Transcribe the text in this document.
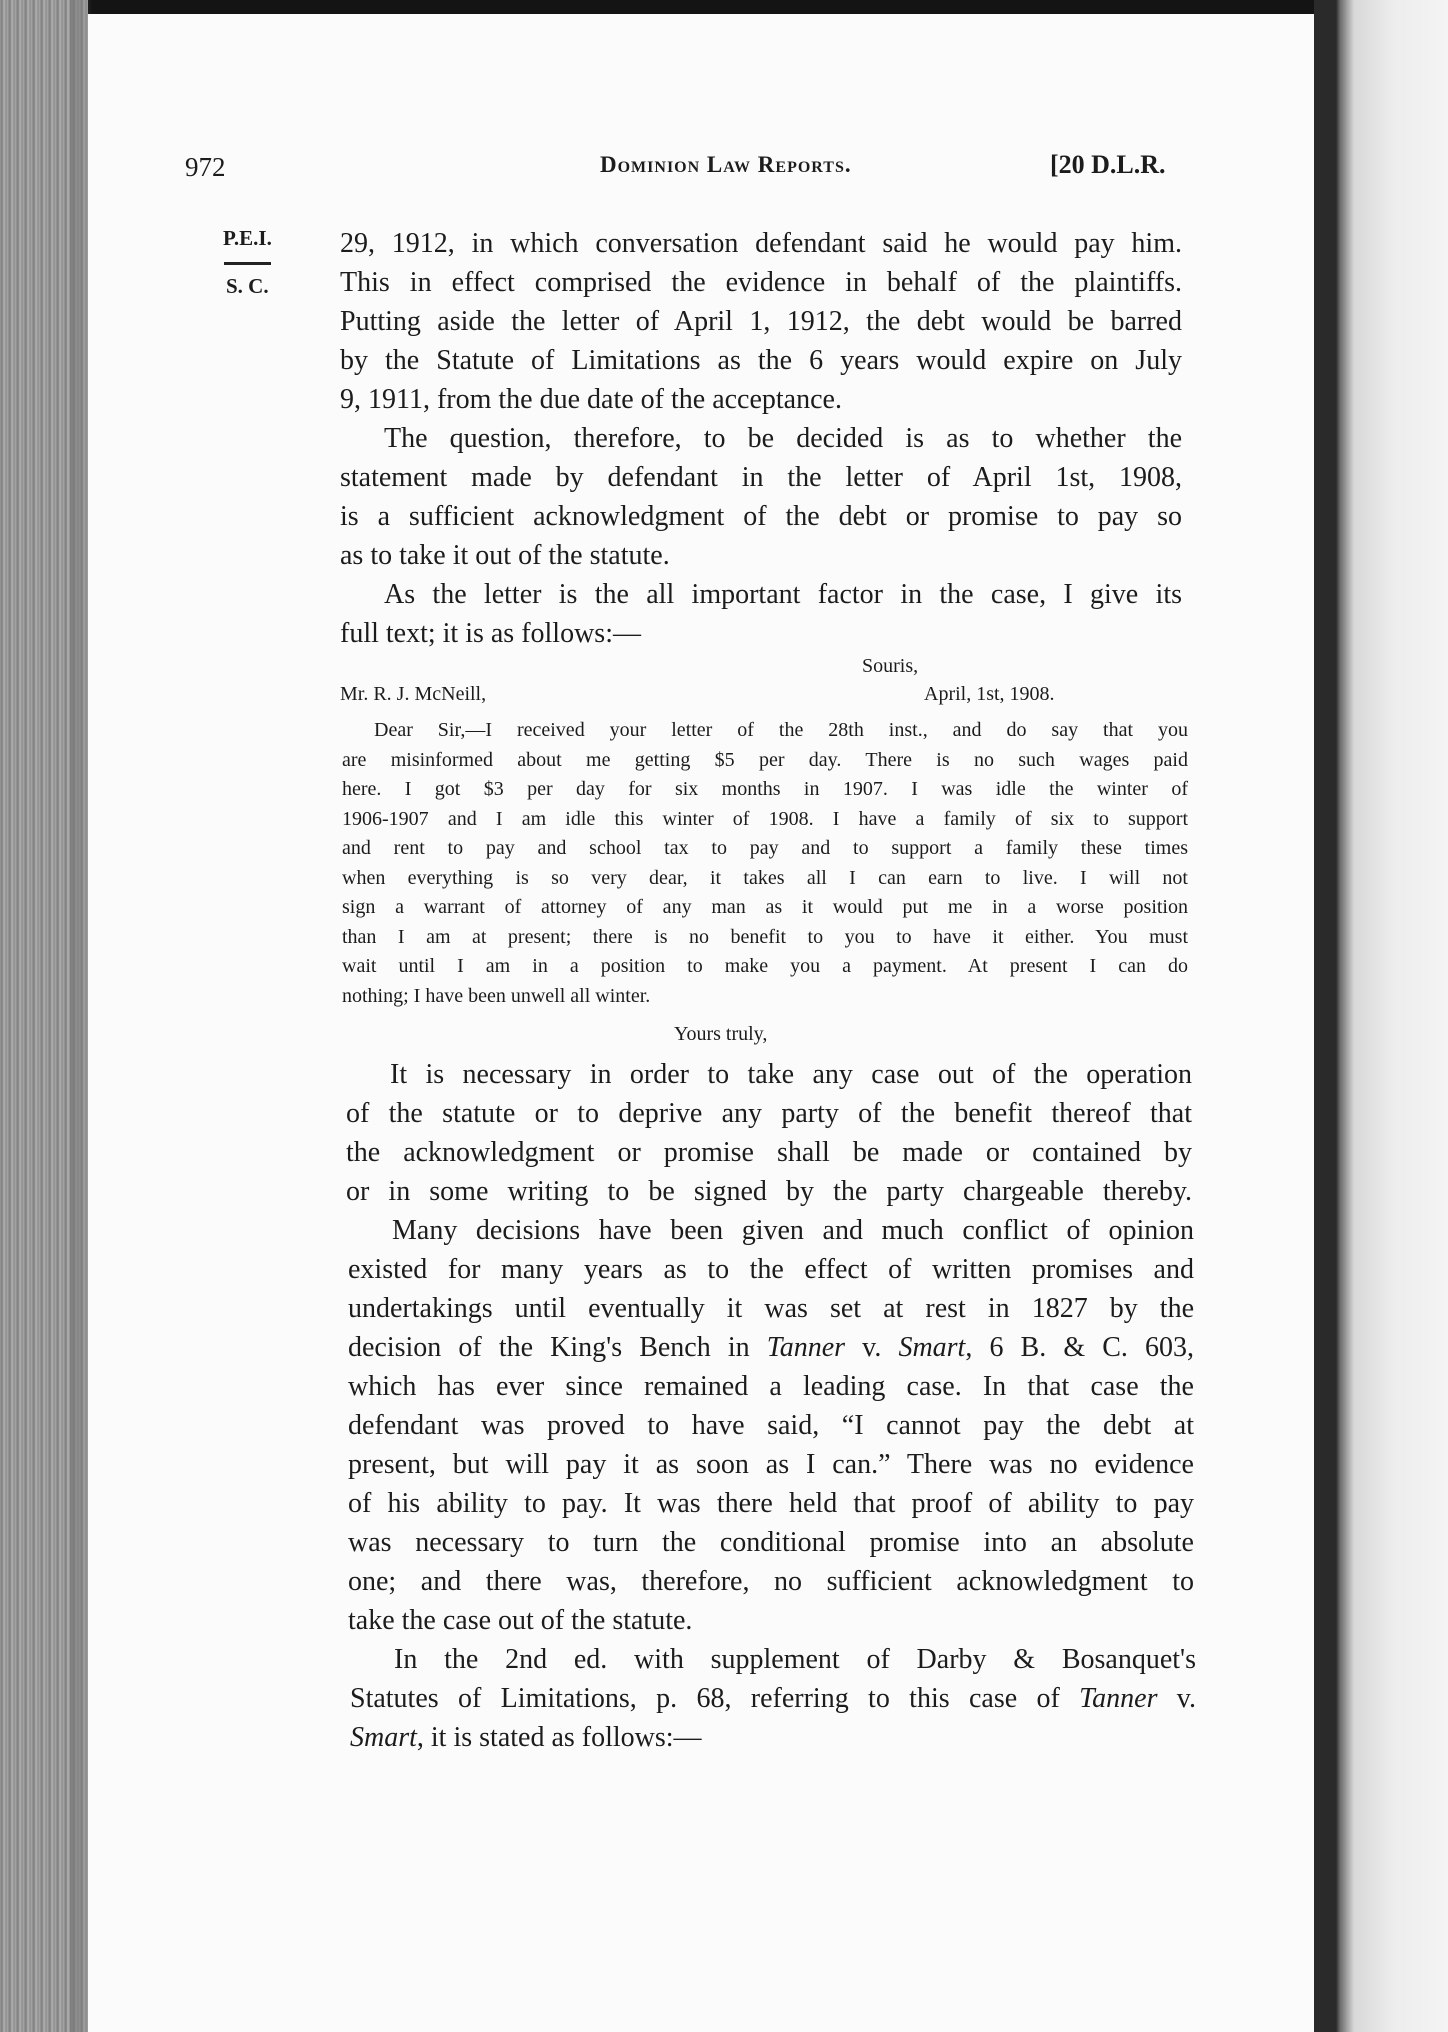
972	Dominion Law Reports.	[20 D.L.R.
P.E.I.
S. C.
29, 1912, in which conversation defendant said he would pay him.
This in effect comprised the evidence in behalf of the plaintiffs.
Putting aside the letter of April 1, 1912, the debt would be barred
by the Statute of Limitations as the 6 years would expire on July
9, 1911, from the due date of the acceptance.
The question, therefore, to be decided is as to whether the
statement made by defendant in the letter of April 1st, 1908,
is a sufficient acknowledgment of the debt or promise to pay so
as to take it out of the statute.
As the letter is the all important factor in the case, I give its
full text; it is as follows:—
Souris,
Mr. R. J. McNeill,	April, 1st, 1908.
Dear Sir,—I received your letter of the 28th inst., and do say that you
are misinformed about me getting $5 per day. There is no such wages paid
here. I got $3 per day for six months in 1907. I was idle the winter of
1906-1907 and I am idle this winter of 1908. I have a family of six to support
and rent to pay and school tax to pay and to support a family these times
when everything is so very dear, it takes all I can earn to live. I will not
sign a warrant of attorney of any man as it would put me in a worse position
than I am at present; there is no benefit to you to have it either. You must
wait until I am in a position to make you a payment. At present I can do
nothing; I have been unwell all winter.
Yours truly,
It is necessary in order to take any case out of the operation
of the statute or to deprive any party of the benefit thereof that
the acknowledgment or promise shall be made or contained by
or in some writing to be signed by the party chargeable thereby.
Many decisions have been given and much conflict of opinion
existed for many years as to the effect of written promises and
undertakings until eventually it was set at rest in 1827 by the
decision of the King's Bench in Tanner v. Smart, 6 B. & C. 603,
which has ever since remained a leading case. In that case the
defendant was proved to have said, “I cannot pay the debt at
present, but will pay it as soon as I can.” There was no evidence
of his ability to pay. It was there held that proof of ability to pay
was necessary to turn the conditional promise into an absolute
one; and there was, therefore, no sufficient acknowledgment to
take the case out of the statute.
In the 2nd ed. with supplement of Darby & Bosanquet's
Statutes of Limitations, p. 68, referring to this case of Tanner v.
Smart, it is stated as follows:—
